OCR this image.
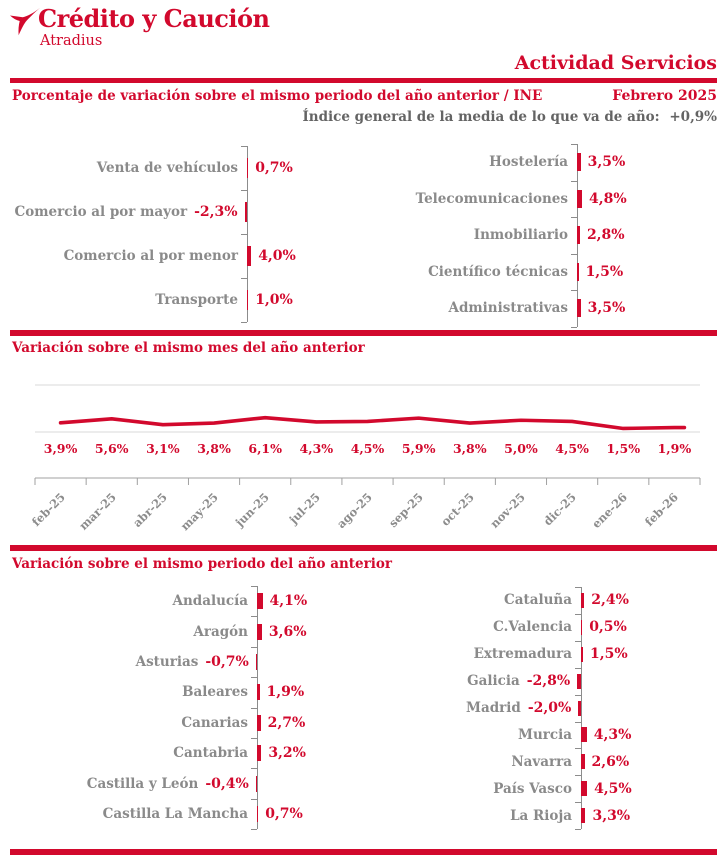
Crédito y Caución
Atradius
Actividad Servicios
Porcentaje de variación sobre el mismo periodo del año anterior / INE	Febrero 2025
Índice general de la media de lo que va de año: +0,9%
Venta de vehículos 0,7%
Comercio al por mayor -2,3%
Comercio al por menor 4,0%
Transporte 1,0%
Hostelería 3,5%
Telecomunicaciones 4,8%
Inmobiliario 2,8%
Científico técnicas 1,5%
Administrativas 3,5%
Variación sobre el mismo mes del año anterior
3,9%	5,6%	3,1%	3,8%	6,1%	4,3%	4,5%	5,9%	3,8%	5,0%	4,5%	1,5%	1,9%
feb-25 mar-25 abr-25 may-25	jun-25	jul-25 ago-25 sep-25	oct-25 nov-25	dic-25 ene-26	feb-26
Variación sobre el mismo periodo del año anterior
Andalucía 4,1%
Aragón 3,6%
Asturias -0,7%
Baleares 1,9%
Canarias 2,7%
Cantabria 3,2%
Castilla y León -0,4%
Castilla La Mancha 0,7%
Cataluña 2,4%
C.Valencia 0,5%
Extremadura 1,5%
Galicia -2,8%
Madrid -2,0%
Murcia 4,3%
Navarra 2,6%
País Vasco 4,5%
La Rioja 3,3%
